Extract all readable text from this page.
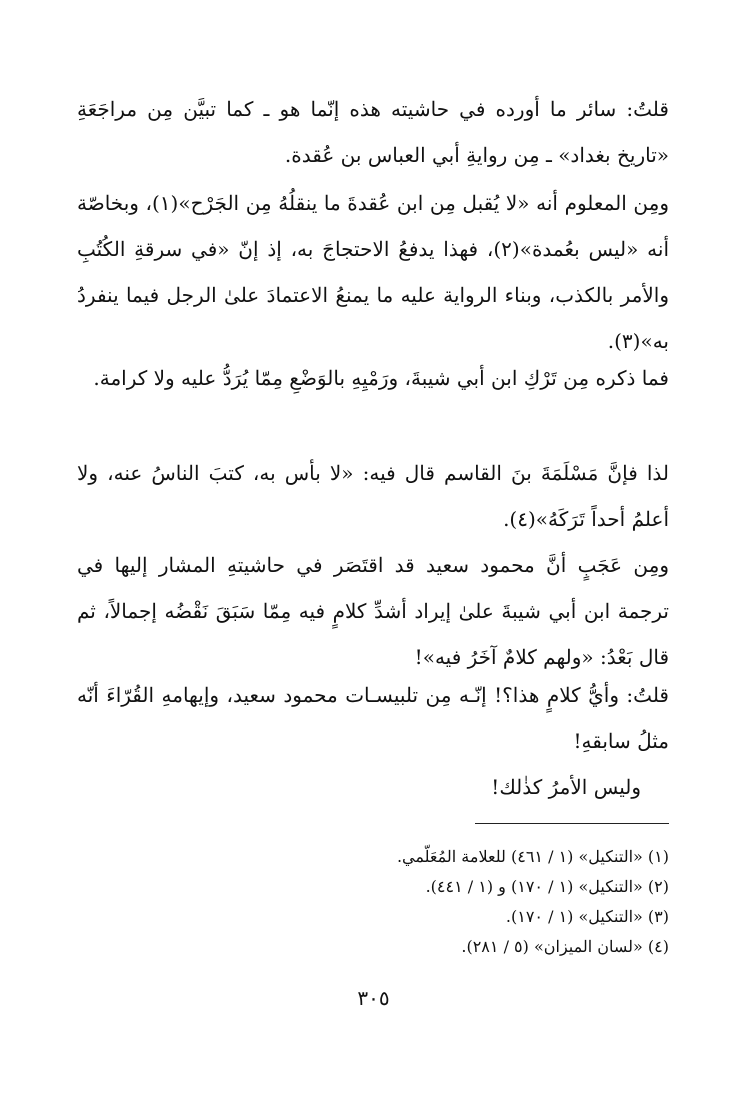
قلتُ: سائر ما أورده في حاشيته هذه إنّما هو ـ كما تبيَّن مِن مراجَعَةِ «تاريخ بغداد» ـ مِن روايةِ أبي العباس بن عُقدة.

ومِن المعلوم أنه «لا يُقبل مِن ابن عُقدةَ ما ينقلُهُ مِن الجَرْح»(١)، وبخاصّة أنه «ليس بعُمدة»(٢)، فهذا يدفعُ الاحتجاجَ به، إذ إنّ «في سرقةِ الكُتُبِ والأمر بالكذب، وبناء الرواية عليه ما يمنعُ الاعتمادَ علىٰ الرجل فيما ينفردُ به»(٣).

فما ذكره مِن تَرْكِ ابن أبي شيبةَ، ورَمْيِهِ بالوَضْعِ مِمّا يُرَدُّ عليه ولا كرامة.

لذا فإنَّ مَسْلَمَةَ بنَ القاسم قال فيه: «لا بأس به، كتبَ الناسُ عنه، ولا أعلمُ أحداً تَرَكَهُ»(٤).

ومِن عَجَبٍ أنَّ محمود سعيد قد اقتَصَر في حاشيتهِ المشار إليها في ترجمة ابن أبي شيبةَ علىٰ إيراد أشدِّ كلامٍ فيه مِمّا سَبَقَ نَقْضُه إجمالاً، ثم قال بَعْدُ: «ولهم كلامٌ آخَرُ فيه»!

قلتُ: وأيُّ كلامٍ هذا؟! إنّـه مِن تلبيسـات محمود سعيد، وإيهامهِ القُرّاءَ أنّه مثلُ سابقهِ!

وليس الأمرُ كذٰلك!

(١) «التنكيل» (١ / ٤٦١) للعلامة المُعَلّمي.

(٢) «التنكيل» (١ / ١٧٠) و (١ / ٤٤١).

(٣) «التنكيل» (١ / ١٧٠).

(٤) «لسان الميزان» (٥ / ٢٨١).

٣٠٥
